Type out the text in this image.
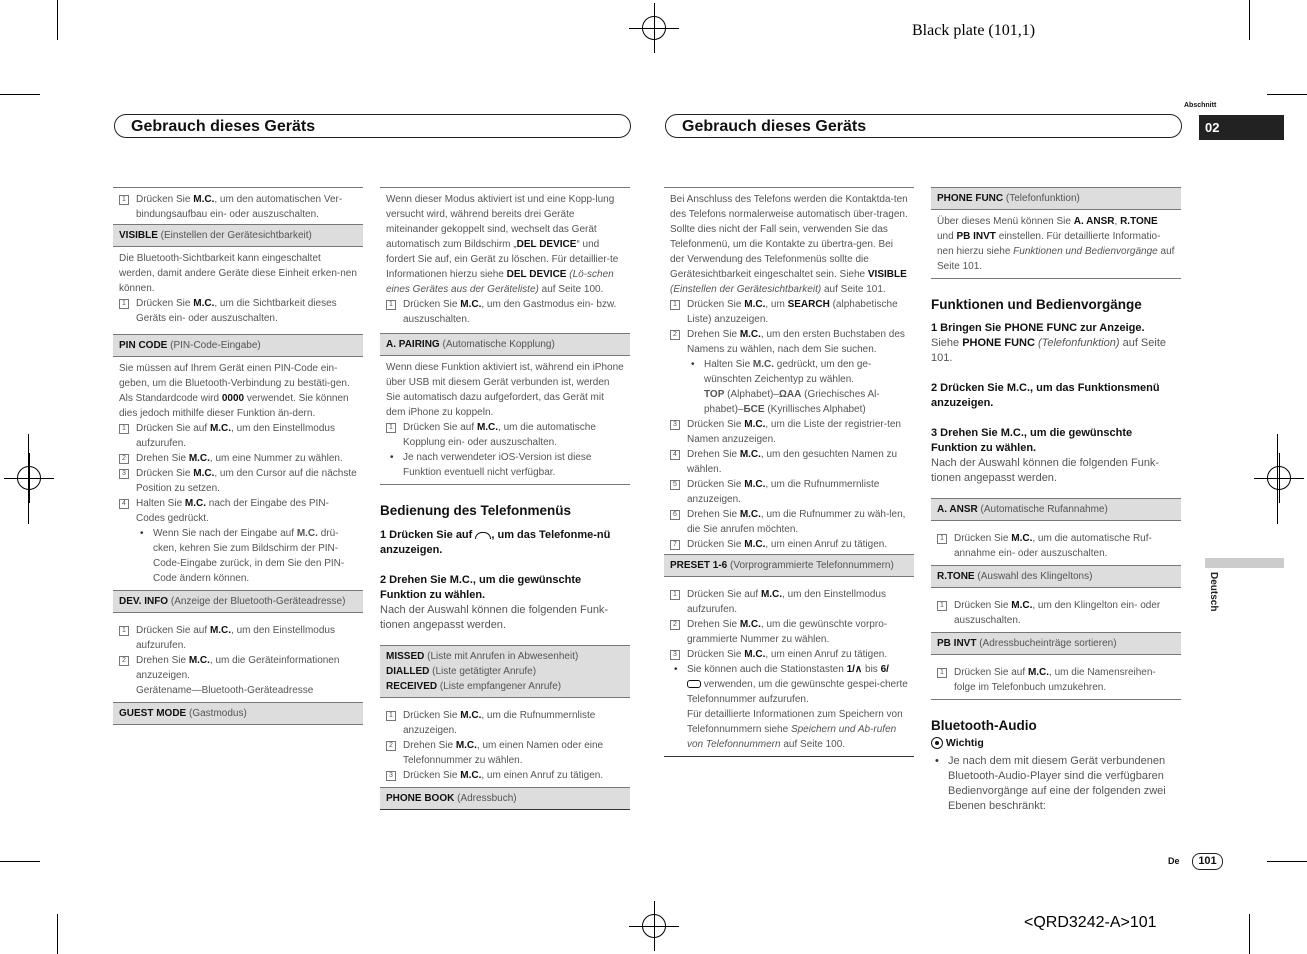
Black plate (101,1)
<QRD3242-A>101
Gebrauch dieses Geräts	Gebrauch dieses Geräts
Abschnitt
02
Deutsch
1	Drücken Sie M.C., um den automatischen Ver-bindungsaufbau ein- oder auszuschalten.
VISIBLE (Einstellen der Gerätesichtbarkeit)

Die Bluetooth-Sichtbarkeit kann eingeschaltet werden, damit andere Geräte diese Einheit erken-nen können.

1	Drücken Sie M.C., um die Sichtbarkeit dieses Geräts ein- oder auszuschalten.
PIN CODE (PIN-Code-Eingabe)

Sie müssen auf Ihrem Gerät einen PIN-Code ein-geben, um die Bluetooth-Verbindung zu bestäti-gen. Als Standardcode wird 0000 verwendet. Sie können dies jedoch mithilfe dieser Funktion än-dern.

1	Drücken Sie auf M.C., um den Einstellmodus aufzurufen.
2	Drehen Sie M.C., um eine Nummer zu wählen.
3	Drücken Sie M.C., um den Cursor auf die nächste Position zu setzen.
4	Halten Sie M.C. nach der Eingabe des PIN-Codes gedrückt.
• Wenn Sie nach der Eingabe auf M.C. drü-cken, kehren Sie zum Bildschirm der PIN-Code-Eingabe zurück, in dem Sie den PIN-Code ändern können.
DEV. INFO (Anzeige der Bluetooth-Geräteadresse)
1	Drücken Sie auf M.C., um den Einstellmodus aufzurufen.
2	Drehen Sie M.C., um die Geräteinformationen anzuzeigen.
Gerätename—Bluetooth-Geräteadresse
GUEST MODE (Gastmodus)

Wenn dieser Modus aktiviert ist und eine Kopp-lung versucht wird, während bereits drei Geräte miteinander gekoppelt sind, wechselt das Gerät automatisch zum Bildschirm „DEL DEVICE“ und fordert Sie auf, ein Gerät zu löschen. Für detaillier-te Informationen hierzu siehe DEL DEVICE (Lö-schen eines Gerätes aus der Geräteliste) auf Seite 100.

1	Drücken Sie M.C., um den Gastmodus ein- bzw. auszuschalten.
A. PAIRING (Automatische Kopplung)

Wenn diese Funktion aktiviert ist, während ein iPhone über USB mit diesem Gerät verbunden ist, werden Sie automatisch dazu aufgefordert, das Gerät mit dem iPhone zu koppeln.

1	Drücken Sie auf M.C., um die automatische Kopplung ein- oder auszuschalten.
• Je nach verwendeter iOS-Version ist diese Funktion eventuell nicht verfügbar.

Bedienung des Telefonmenüs

1 Drücken Sie auf , um das Telefonme-nü anzuzeigen.
2 Drehen Sie M.C., um die gewünschte Funktion zu wählen.
Nach der Auswahl können die folgenden Funk-tionen angepasst werden.
MISSED (Liste mit Anrufen in Abwesenheit)
DIALLED (Liste getätigter Anrufe)
RECEIVED (Liste empfangener Anrufe)
1	Drücken Sie M.C., um die Rufnummernliste anzuzeigen.
2	Drehen Sie M.C., um einen Namen oder eine Telefonnummer zu wählen.
3	Drücken Sie M.C., um einen Anruf zu tätigen.
PHONE BOOK (Adressbuch)

Bei Anschluss des Telefons werden die Kontaktda-ten des Telefons normalerweise automatisch über-tragen. Sollte dies nicht der Fall sein, verwenden Sie das Telefonmenü, um die Kontakte zu übertra-gen. Bei der Verwendung des Telefonmenüs sollte die Gerätesichtbarkeit eingeschaltet sein. Siehe VISIBLE (Einstellen der Gerätesichtbarkeit) auf Seite 101.

1	Drücken Sie M.C., um SEARCH (alphabetische Liste) anzuzeigen.
2	Drehen Sie M.C., um den ersten Buchstaben des Namens zu wählen, nach dem Sie suchen.
• Halten Sie M.C. gedrückt, um den ge-wünschten Zeichentyp zu wählen.
TOP (Alphabet)–ΩΑΑ (Griechisches Al-phabet)–БCE (Kyrillisches Alphabet)
3	Drücken Sie M.C., um die Liste der registrier-ten Namen anzuzeigen.
4	Drehen Sie M.C., um den gesuchten Namen zu wählen.
5	Drücken Sie M.C., um die Rufnummernliste anzuzeigen.
6	Drehen Sie M.C., um die Rufnummer zu wäh-len, die Sie anrufen möchten.
7	Drücken Sie M.C., um einen Anruf zu tätigen.
PRESET 1-6 (Vorprogrammierte Telefonnummern)
1	Drücken Sie auf M.C., um den Einstellmodus aufzurufen.
2	Drehen Sie M.C., um die gewünschte vorpro-grammierte Nummer zu wählen.
3	Drücken Sie M.C., um einen Anruf zu tätigen.
• Sie können auch die Stationstasten 1/∧ bis 6/
verwenden, um die gewünschte gespei-cherte Telefonnummer aufzurufen.
Für detaillierte Informationen zum Speichern von Telefonnummern siehe Speichern und Ab-rufen von Telefonnummern auf Seite 100.
PHONE FUNC (Telefonfunktion)

Über dieses Menü können Sie A. ANSR, R.TONE und PB INVT einstellen. Für detaillierte Informatio-nen hierzu siehe Funktionen und Bedienvorgänge auf Seite 101.

Funktionen und Bedienvorgänge

1 Bringen Sie PHONE FUNC zur Anzeige.
Siehe PHONE FUNC (Telefonfunktion) auf Seite 101.
2 Drücken Sie M.C., um das Funktionsmenü anzuzeigen.
3 Drehen Sie M.C., um die gewünschte Funktion zu wählen.
Nach der Auswahl können die folgenden Funk-tionen angepasst werden.
A. ANSR (Automatische Rufannahme)
1	Drücken Sie M.C., um die automatische Ruf-annahme ein- oder auszuschalten.
R.TONE (Auswahl des Klingeltons)
1	Drücken Sie M.C., um den Klingelton ein- oder auszuschalten.
PB INVT (Adressbucheinträge sortieren)
1	Drücken Sie auf M.C., um die Namensreihen-folge im Telefonbuch umzukehren.

Bluetooth-Audio

Wichtig
• Je nach dem mit diesem Gerät verbundenen Bluetooth-Audio-Player sind die verfügbaren Bedienvorgänge auf eine der folgenden zwei Ebenen beschränkt:
De	101
